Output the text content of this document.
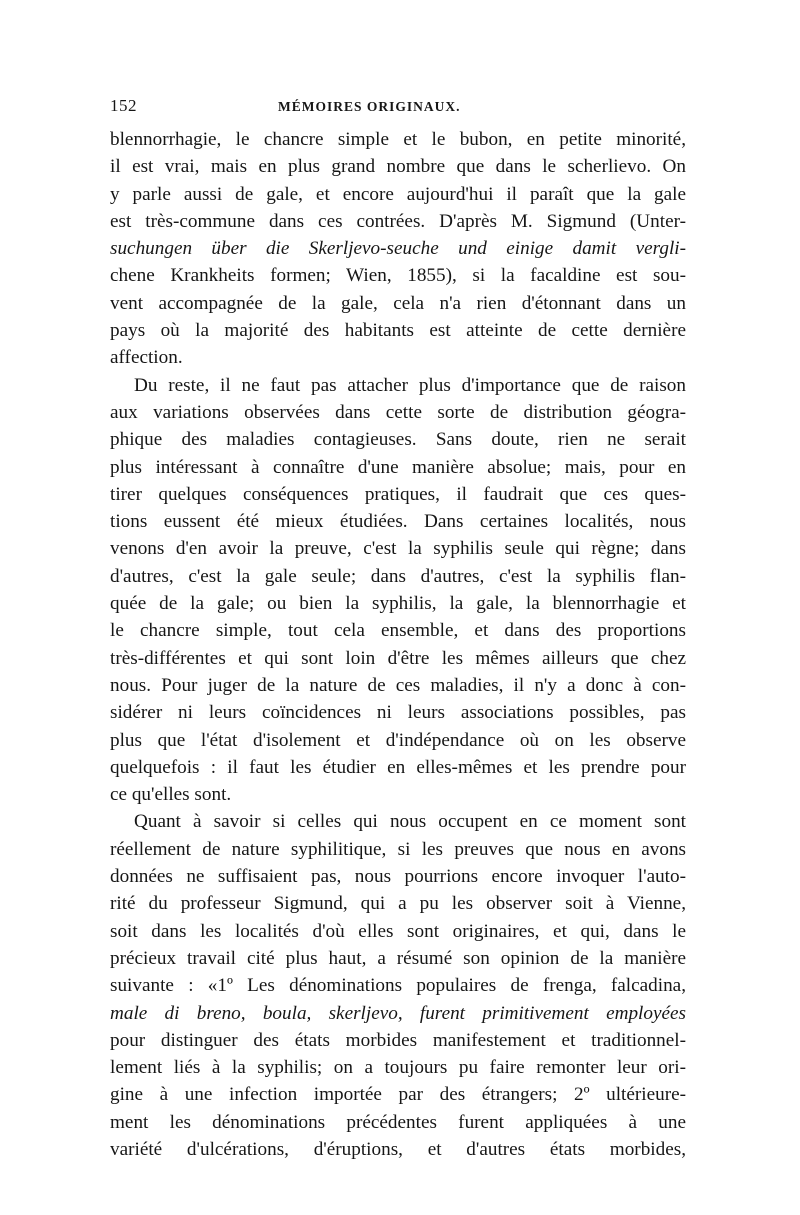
152	MÉMOIRES ORIGINAUX.
blennorrhagie, le chancre simple et le bubon, en petite minorité,
il est vrai, mais en plus grand nombre que dans le scherlievo. On
y parle aussi de gale, et encore aujourd'hui il paraît que la gale
est très-commune dans ces contrées. D'après M. Sigmund (Unter-
suchungen über die Skerljevo-seuche und einige damit vergli-
chene Krankheits formen; Wien, 1855), si la facaldine est sou-
vent accompagnée de la gale, cela n'a rien d'étonnant dans un
pays où la majorité des habitants est atteinte de cette dernière
affection.
Du reste, il ne faut pas attacher plus d'importance que de raison
aux variations observées dans cette sorte de distribution géogra-
phique des maladies contagieuses. Sans doute, rien ne serait
plus intéressant à connaître d'une manière absolue; mais, pour en
tirer quelques conséquences pratiques, il faudrait que ces ques-
tions eussent été mieux étudiées. Dans certaines localités, nous
venons d'en avoir la preuve, c'est la syphilis seule qui règne; dans
d'autres, c'est la gale seule; dans d'autres, c'est la syphilis flan-
quée de la gale; ou bien la syphilis, la gale, la blennorrhagie et
le chancre simple, tout cela ensemble, et dans des proportions
très-différentes et qui sont loin d'être les mêmes ailleurs que chez
nous. Pour juger de la nature de ces maladies, il n'y a donc à con-
sidérer ni leurs coïncidences ni leurs associations possibles, pas
plus que l'état d'isolement et d'indépendance où on les observe
quelquefois : il faut les étudier en elles-mêmes et les prendre pour
ce qu'elles sont.
Quant à savoir si celles qui nous occupent en ce moment sont
réellement de nature syphilitique, si les preuves que nous en avons
données ne suffisaient pas, nous pourrions encore invoquer l'auto-
rité du professeur Sigmund, qui a pu les observer soit à Vienne,
soit dans les localités d'où elles sont originaires, et qui, dans le
précieux travail cité plus haut, a résumé son opinion de la manière
suivante : «1º Les dénominations populaires de frenga, falcadina,
male di breno, boula, skerljevo, furent primitivement employées
pour distinguer des états morbides manifestement et traditionnel-
lement liés à la syphilis; on a toujours pu faire remonter leur ori-
gine à une infection importée par des étrangers; 2º ultérieure-
ment les dénominations précédentes furent appliquées à une
variété d'ulcérations, d'éruptions, et d'autres états morbides,
